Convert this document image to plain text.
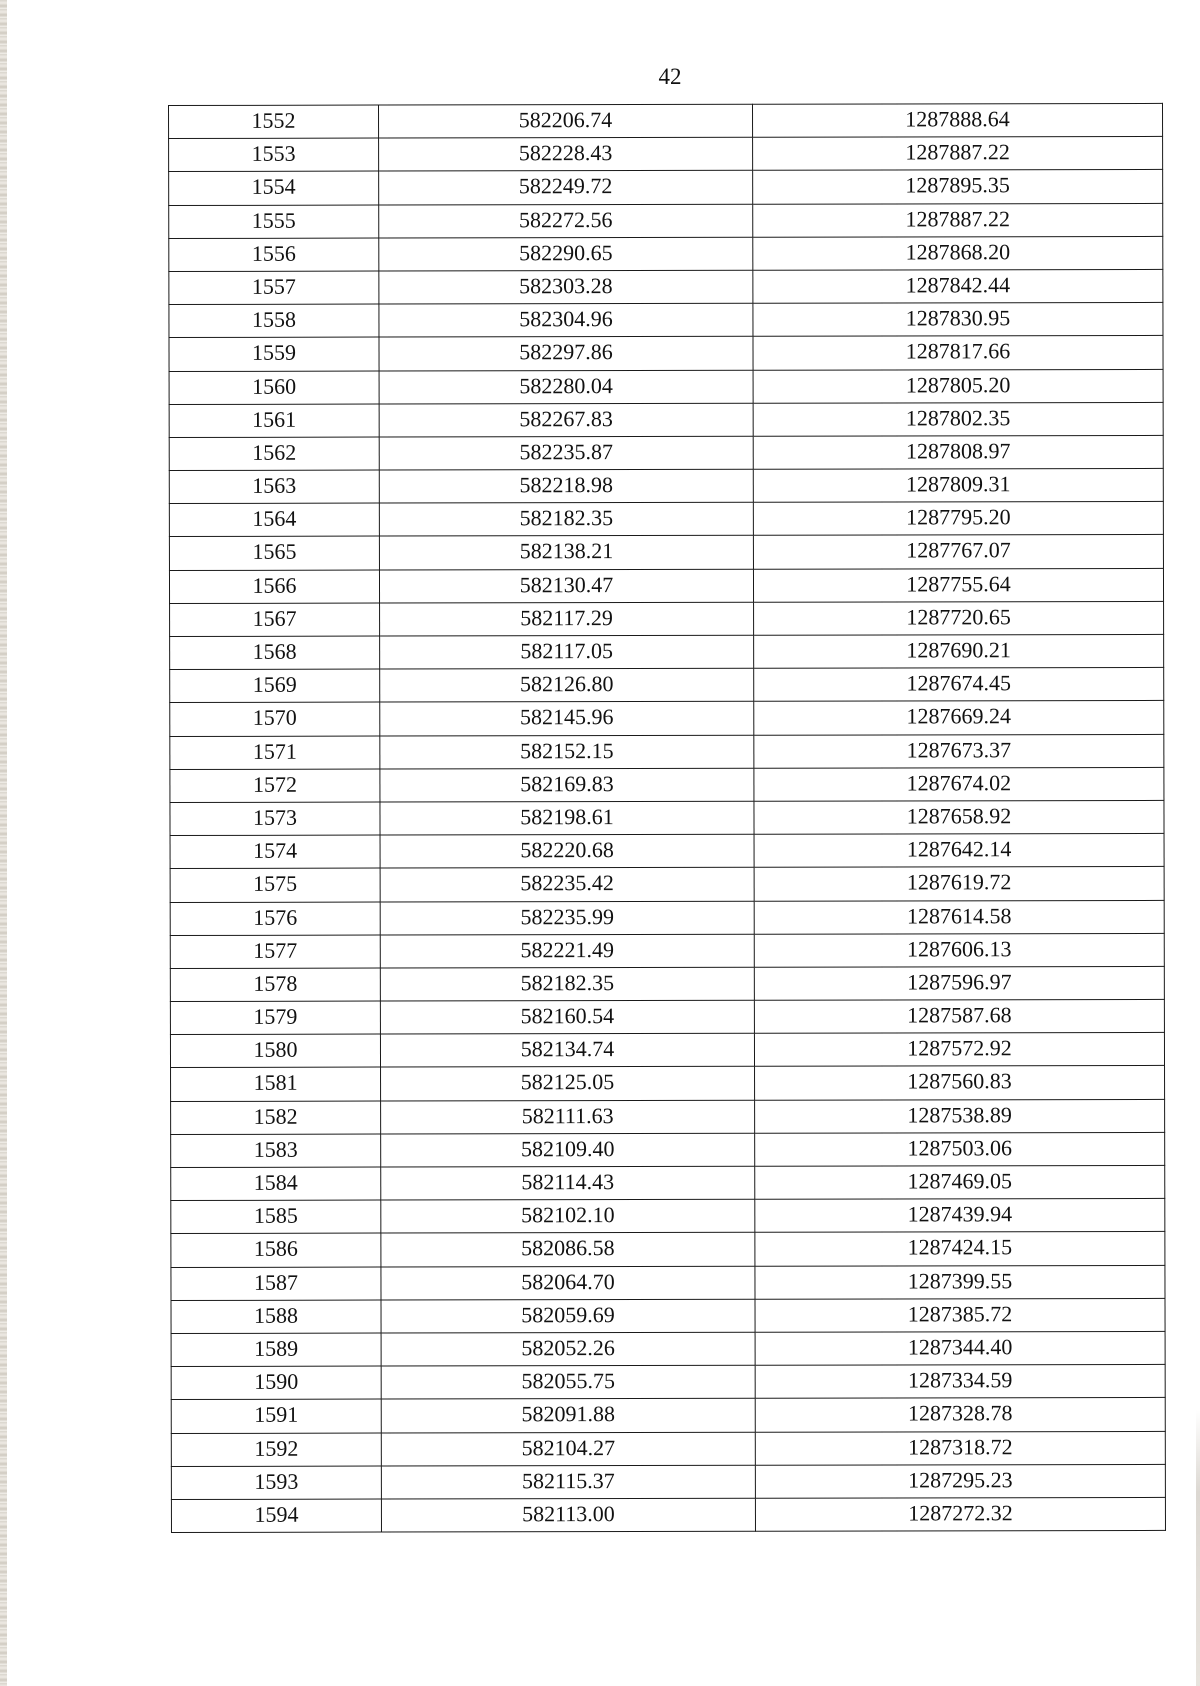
42
1552	582206.74	1287888.64
1553	582228.43	1287887.22
1554	582249.72	1287895.35
1555	582272.56	1287887.22
1556	582290.65	1287868.20
1557	582303.28	1287842.44
1558	582304.96	1287830.95
1559	582297.86	1287817.66
1560	582280.04	1287805.20
1561	582267.83	1287802.35
1562	582235.87	1287808.97
1563	582218.98	1287809.31
1564	582182.35	1287795.20
1565	582138.21	1287767.07
1566	582130.47	1287755.64
1567	582117.29	1287720.65
1568	582117.05	1287690.21
1569	582126.80	1287674.45
1570	582145.96	1287669.24
1571	582152.15	1287673.37
1572	582169.83	1287674.02
1573	582198.61	1287658.92
1574	582220.68	1287642.14
1575	582235.42	1287619.72
1576	582235.99	1287614.58
1577	582221.49	1287606.13
1578	582182.35	1287596.97
1579	582160.54	1287587.68
1580	582134.74	1287572.92
1581	582125.05	1287560.83
1582	582111.63	1287538.89
1583	582109.40	1287503.06
1584	582114.43	1287469.05
1585	582102.10	1287439.94
1586	582086.58	1287424.15
1587	582064.70	1287399.55
1588	582059.69	1287385.72
1589	582052.26	1287344.40
1590	582055.75	1287334.59
1591	582091.88	1287328.78
1592	582104.27	1287318.72
1593	582115.37	1287295.23
1594	582113.00	1287272.32
